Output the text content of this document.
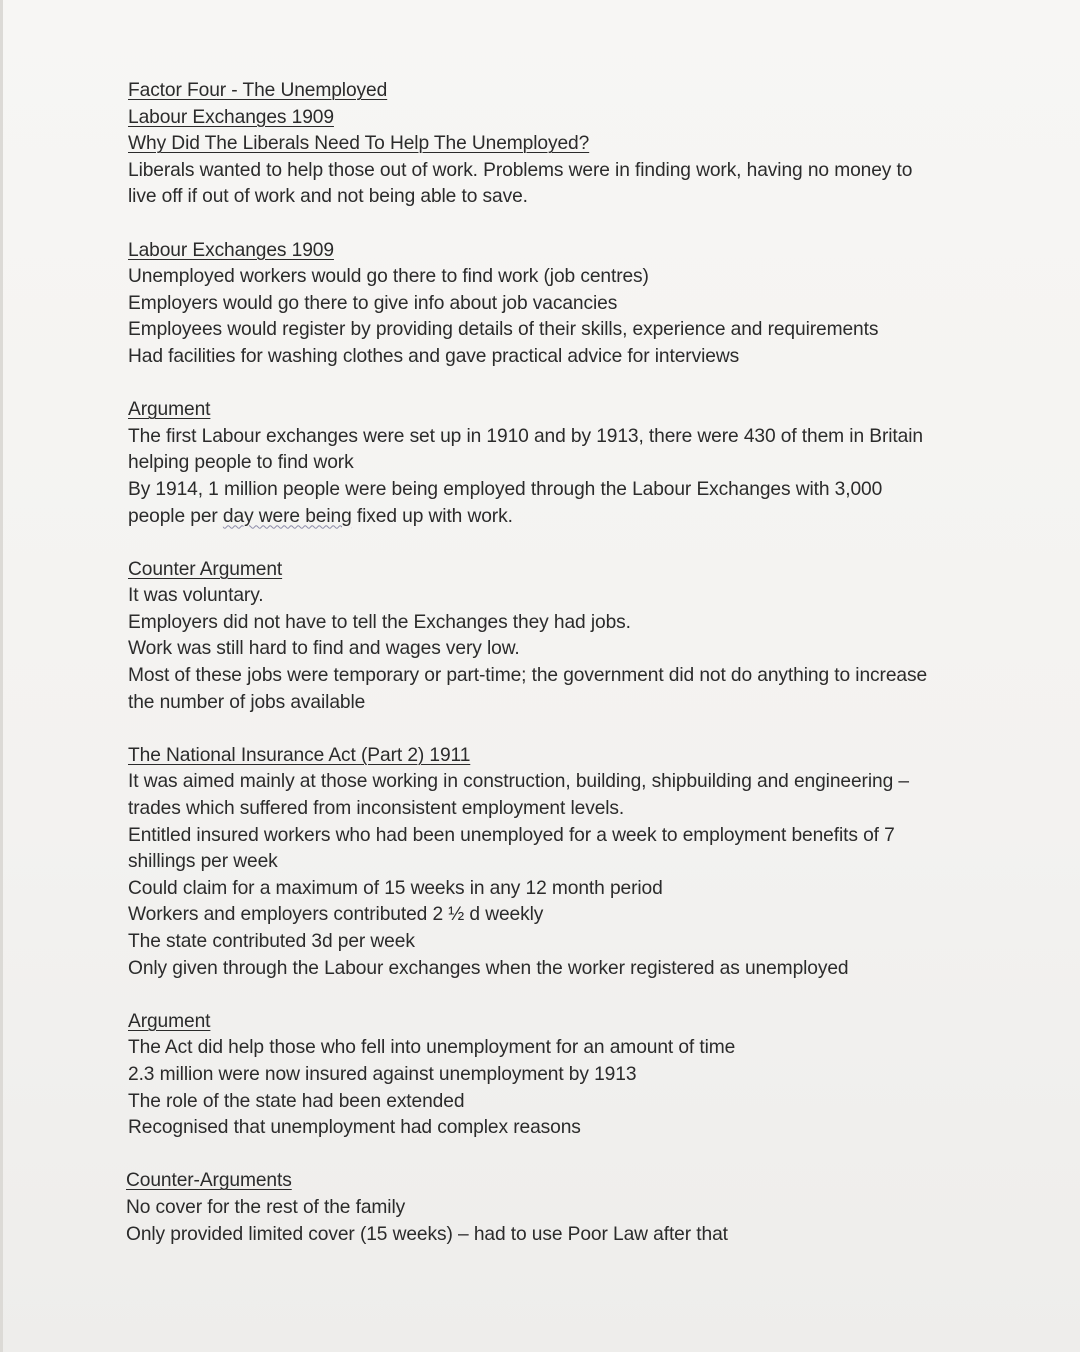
Factor Four - The Unemployed
Labour Exchanges 1909
Why Did The Liberals Need To Help The Unemployed?
Liberals wanted to help those out of work. Problems were in finding work, having no money to
live off if out of work and not being able to save.
Labour Exchanges 1909
Unemployed workers would go there to find work (job centres)
Employers would go there to give info about job vacancies
Employees would register by providing details of their skills, experience and requirements
Had facilities for washing clothes and gave practical advice for interviews
Argument
The first Labour exchanges were set up in 1910 and by 1913, there were 430 of them in Britain
helping people to find work
By 1914, 1 million people were being employed through the Labour Exchanges with 3,000
people per day were being fixed up with work.
Counter Argument
It was voluntary.
Employers did not have to tell the Exchanges they had jobs.
Work was still hard to find and wages very low.
Most of these jobs were temporary or part-time; the government did not do anything to increase
the number of jobs available
The National Insurance Act (Part 2) 1911
It was aimed mainly at those working in construction, building, shipbuilding and engineering –
trades which suffered from inconsistent employment levels.
Entitled insured workers who had been unemployed for a week to employment benefits of 7
shillings per week
Could claim for a maximum of 15 weeks in any 12 month period
Workers and employers contributed 2 ½ d weekly
The state contributed 3d per week
Only given through the Labour exchanges when the worker registered as unemployed
Argument
The Act did help those who fell into unemployment for an amount of time
2.3 million were now insured against unemployment by 1913
The role of the state had been extended
Recognised that unemployment had complex reasons
Counter-Arguments
No cover for the rest of the family
Only provided limited cover (15 weeks) – had to use Poor Law after that
